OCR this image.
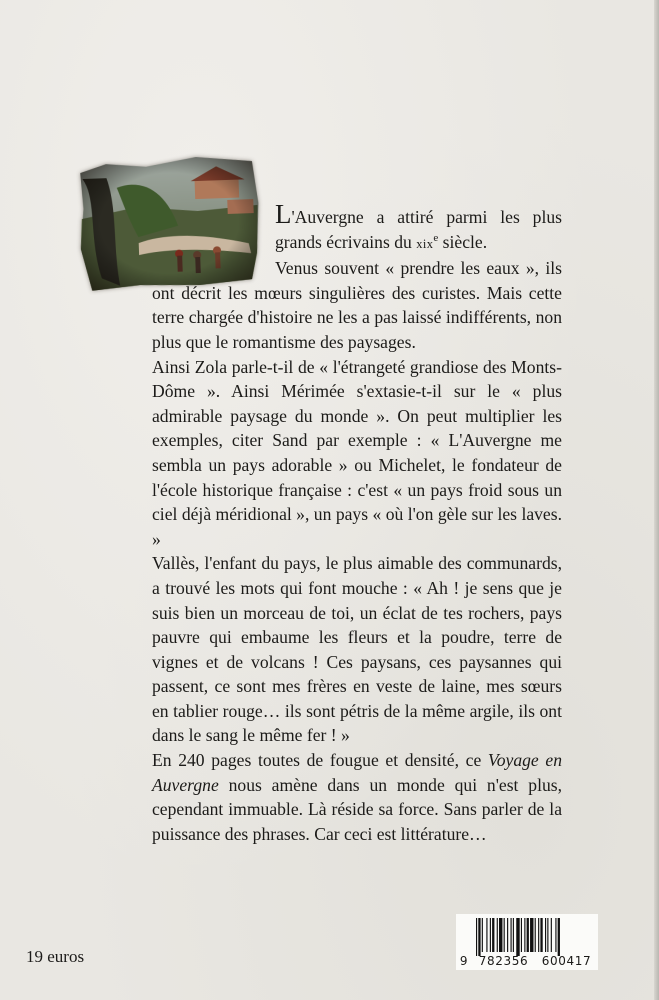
L'Auvergne a attiré parmi les plus grands écrivains du xix$^e$ siècle.

Venus souvent « prendre les eaux », ils ont décrit les mœurs singulières des curistes. Mais cette terre chargée d'histoire ne les a pas laissé indifférents, non plus que le romantisme des paysages.

Ainsi Zola parle-t-il de « l'étrangeté grandiose des Monts-Dôme ». Ainsi Mérimée s'extasie-t-il sur le « plus admirable paysage du monde ». On peut multiplier les exemples, citer Sand par exemple : « L'Auvergne me sembla un pays adorable » ou Michelet, le fondateur de l'école historique française : c'est « un pays froid sous un ciel déjà méridional », un pays « où l'on gèle sur les laves. »

Vallès, l'enfant du pays, le plus aimable des communards, a trouvé les mots qui font mouche : « Ah ! je sens que je suis bien un morceau de toi, un éclat de tes rochers, pays pauvre qui embaume les fleurs et la poudre, terre de vignes et de volcans ! Ces paysans, ces paysannes qui passent, ce sont mes frères en veste de laine, mes sœurs en tablier rouge… ils sont pétris de la même argile, ils ont dans le sang le même fer ! »

En 240 pages toutes de fougue et densité, ce Voyage en Auvergne nous amène dans un monde qui n'est plus, cependant immuable. Là réside sa force. Sans parler de la puissance des phrases. Car ceci est littérature…

19 euros	9 782356	600417
